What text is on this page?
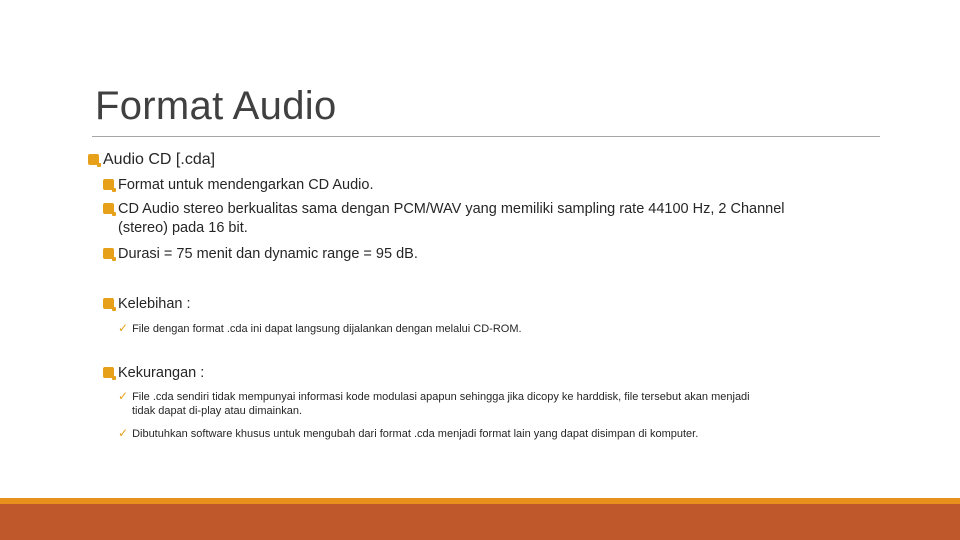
Format Audio
Audio CD [.cda]
Format untuk mendengarkan CD Audio.
CD Audio stereo berkualitas sama dengan PCM/WAV yang memiliki sampling rate 44100 Hz, 2 Channel
(stereo) pada 16 bit.
Durasi = 75 menit dan dynamic range = 95 dB.
Kelebihan :
✓ File dengan format .cda ini dapat langsung dijalankan dengan melalui CD-ROM.
Kekurangan :
✓ File .cda sendiri tidak mempunyai informasi kode modulasi apapun sehingga jika dicopy ke harddisk, file tersebut akan menjadi
tidak dapat di-play atau dimainkan.
✓ Dibutuhkan software khusus untuk mengubah dari format .cda menjadi format lain yang dapat disimpan di komputer.
